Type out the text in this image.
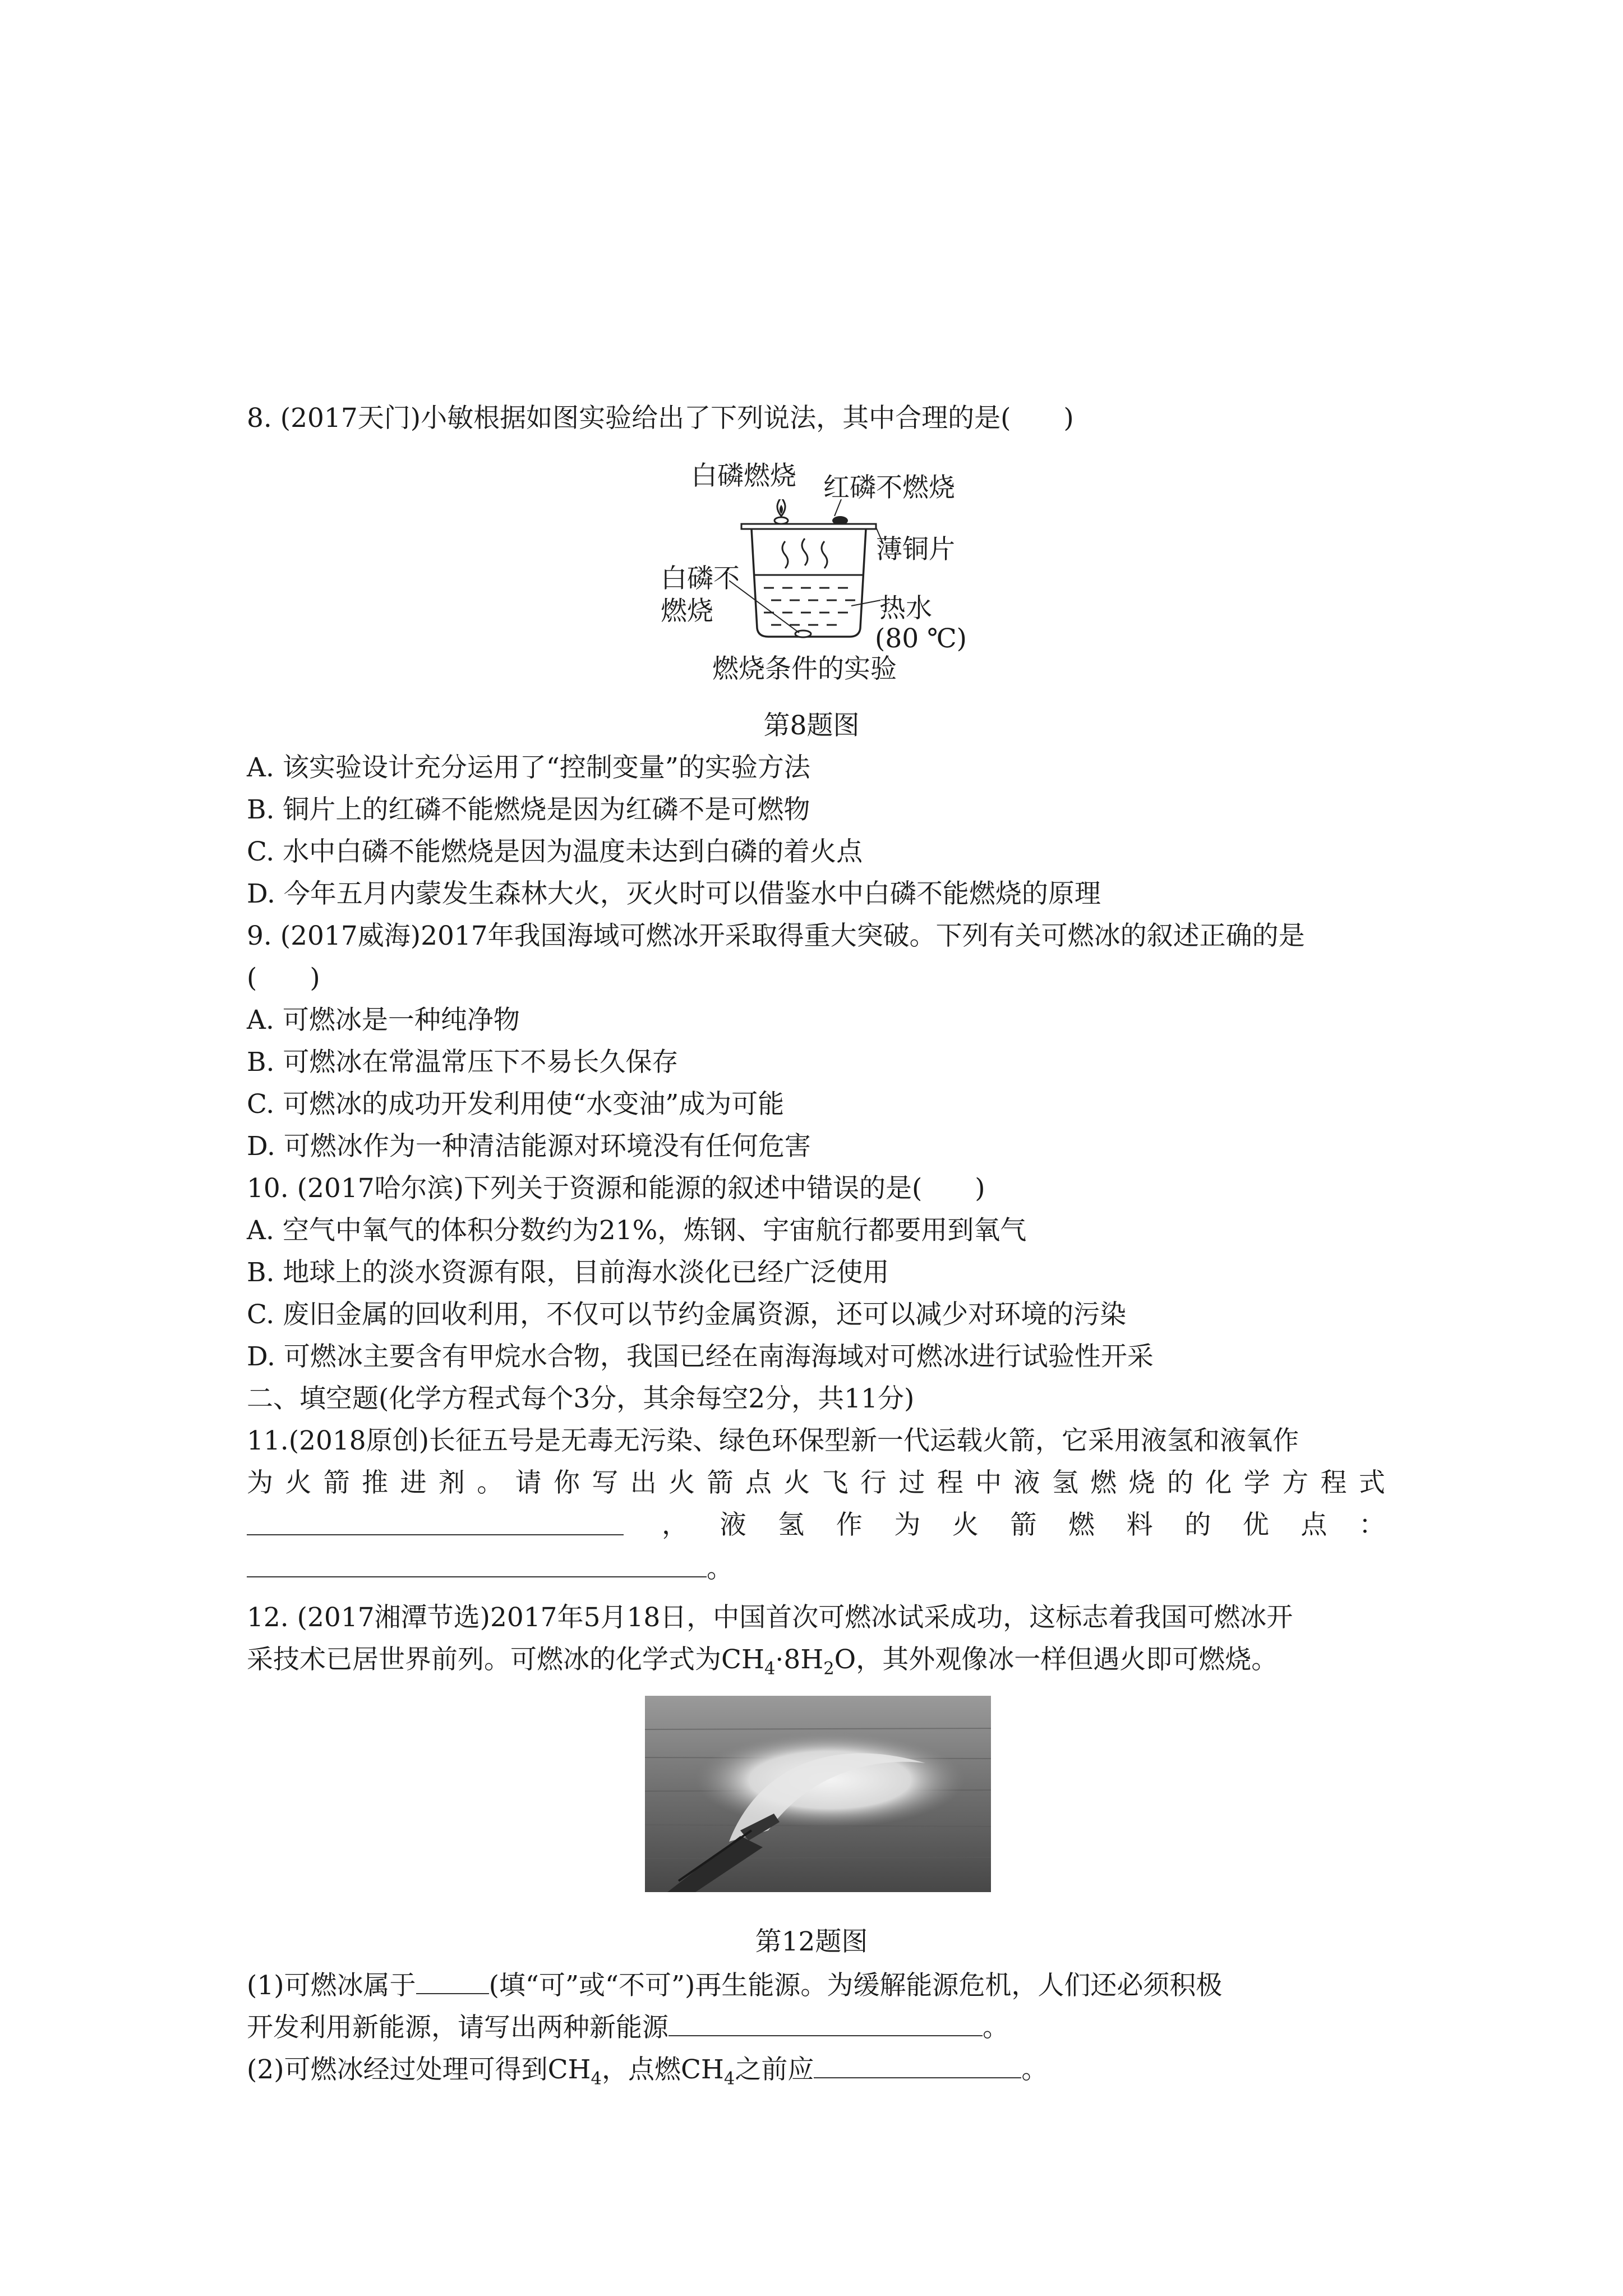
8. (2017天门)小敏根据如图实验给出了下列说法，其中合理的是(　　)
白磷燃烧 红磷不燃烧
薄铜片
白磷不
燃烧	热水
(80 ℃)
燃烧条件的实验
第8题图
A. 该实验设计充分运用了“控制变量”的实验方法
B. 铜片上的红磷不能燃烧是因为红磷不是可燃物
C. 水中白磷不能燃烧是因为温度未达到白磷的着火点
D. 今年五月内蒙发生森林大火，灭火时可以借鉴水中白磷不能燃烧的原理
9. (2017威海)2017年我国海域可燃冰开采取得重大突破。下列有关可燃冰的叙述正确的是
(　　)
A. 可燃冰是一种纯净物
B. 可燃冰在常温常压下不易长久保存
C. 可燃冰的成功开发利用使“水变油”成为可能
D. 可燃冰作为一种清洁能源对环境没有任何危害
10. (2017哈尔滨)下列关于资源和能源的叙述中错误的是(　　)
A. 空气中氧气的体积分数约为21%，炼钢、宇宙航行都要用到氧气
B. 地球上的淡水资源有限，目前海水淡化已经广泛使用
C. 废旧金属的回收利用，不仅可以节约金属资源，还可以减少对环境的污染
D. 可燃冰主要含有甲烷水合物，我国已经在南海海域对可燃冰进行试验性开采
二、填空题(化学方程式每个3分，其余每空2分，共11分)
11.(2018原创)长征五号是无毒无污染、绿色环保型新一代运载火箭，它采用液氢和液氧作
为 火 箭 推 进 剂 。 请 你 写 出 火 箭 点 火 飞 行 过 程 中 液 氢 燃 烧 的 化 学 方 程 式
， 液 氢 作 为 火 箭 燃 料 的 优 点 ：
。
12. (2017湘潭节选)2017年5月18日，中国首次可燃冰试采成功，这标志着我国可燃冰开
采技术已居世界前列。可燃冰的化学式为$CH_4\cdot 8H_2O$，其外观像冰一样但遇火即可燃烧。
第12题图
(1)可燃冰属于	(填“可”或“不可”)再生能源。为缓解能源危机，人们还必须积极
开发利用新能源，请写出两种新能源	。
(2)可燃冰经过处理可得到$CH_4$，点燃$CH_4$之前应	。
